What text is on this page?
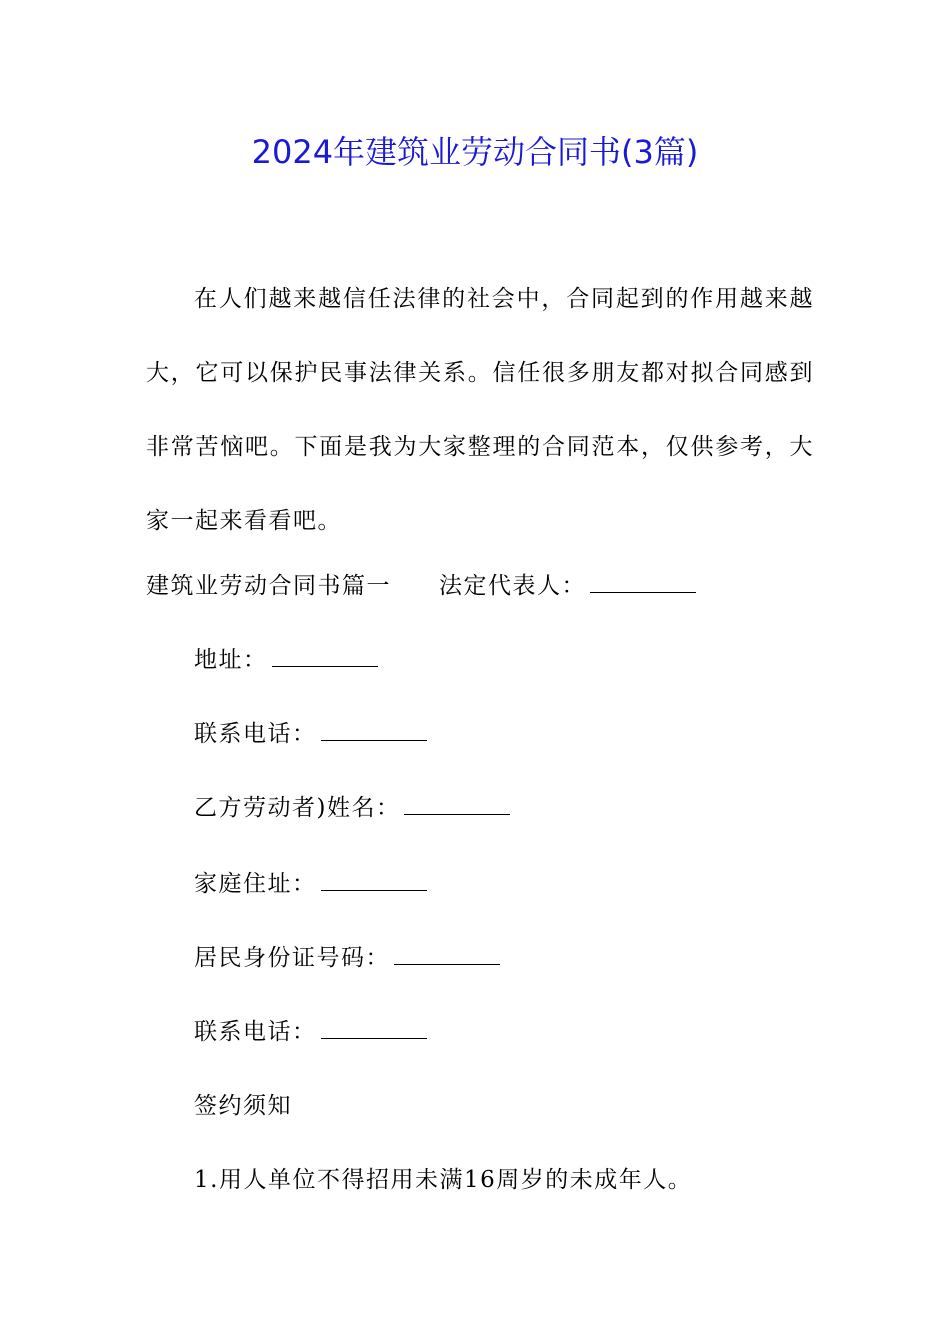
2024年建筑业劳动合同书(3篇)
在人们越来越信任法律的社会中，合同起到的作用越来越大，它可以保护民事法律关系。信任很多朋友都对拟合同感到非常苦恼吧。下面是我为大家整理的合同范本，仅供参考，大家一起来看看吧。
建筑业劳动合同书篇一 法定代表人：
地址：
联系电话：
乙方劳动者)姓名：
家庭住址：
居民身份证号码：
联系电话：
签约须知
1.用人单位不得招用未满16周岁的未成年人。
